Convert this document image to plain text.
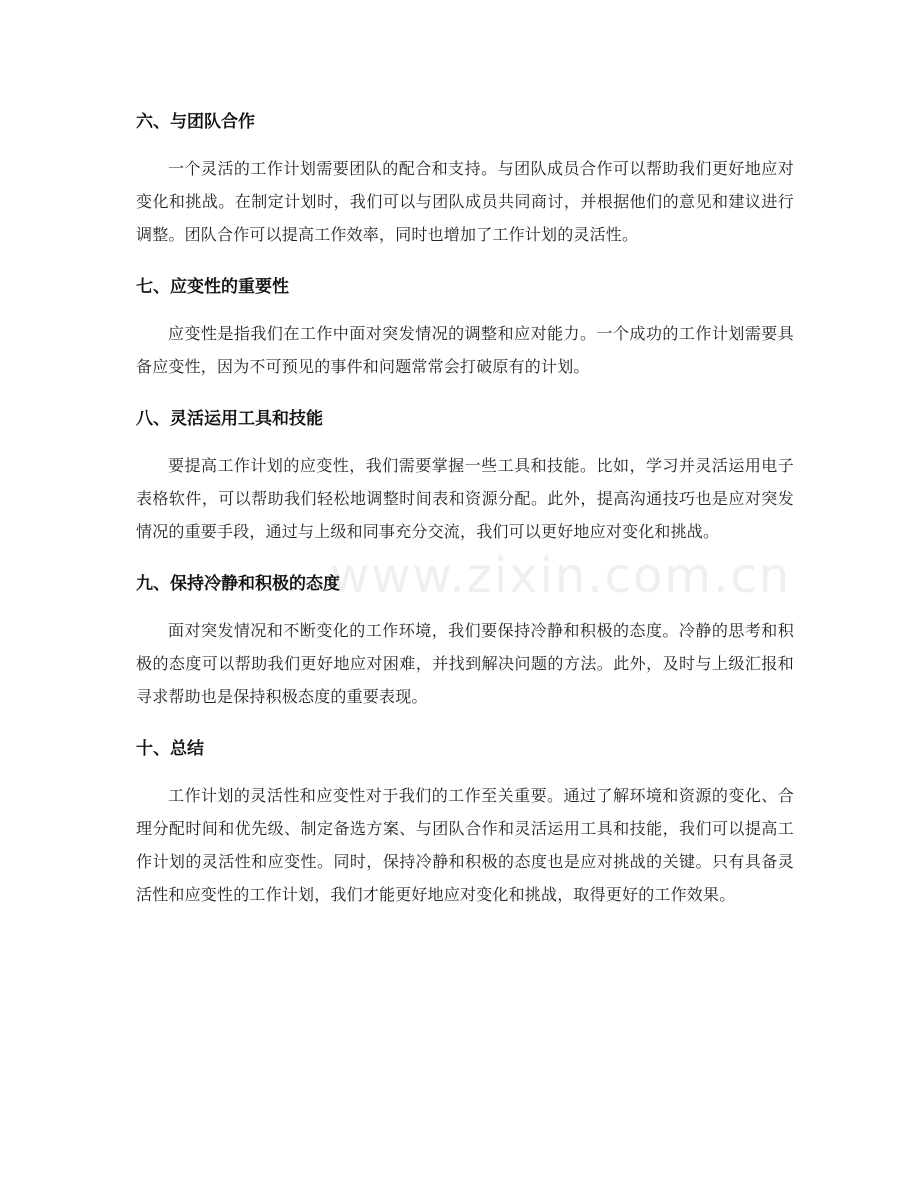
六、与团队合作

一个灵活的工作计划需要团队的配合和支持。与团队成员合作可以帮助我们更好地应对变化和挑战。在制定计划时，我们可以与团队成员共同商讨，并根据他们的意见和建议进行调整。团队合作可以提高工作效率，同时也增加了工作计划的灵活性。

七、应变性的重要性

应变性是指我们在工作中面对突发情况的调整和应对能力。一个成功的工作计划需要具备应变性，因为不可预见的事件和问题常常会打破原有的计划。

八、灵活运用工具和技能

要提高工作计划的应变性，我们需要掌握一些工具和技能。比如，学习并灵活运用电子表格软件，可以帮助我们轻松地调整时间表和资源分配。此外，提高沟通技巧也是应对突发情况的重要手段，通过与上级和同事充分交流，我们可以更好地应对变化和挑战。

九、保持冷静和积极的态度

面对突发情况和不断变化的工作环境，我们要保持冷静和积极的态度。冷静的思考和积极的态度可以帮助我们更好地应对困难，并找到解决问题的方法。此外，及时与上级汇报和寻求帮助也是保持积极态度的重要表现。

十、总结

工作计划的灵活性和应变性对于我们的工作至关重要。通过了解环境和资源的变化、合理分配时间和优先级、制定备选方案、与团队合作和灵活运用工具和技能，我们可以提高工作计划的灵活性和应变性。同时，保持冷静和积极的态度也是应对挑战的关键。只有具备灵活性和应变性的工作计划，我们才能更好地应对变化和挑战，取得更好的工作效果。

www.zixin.com.cn
